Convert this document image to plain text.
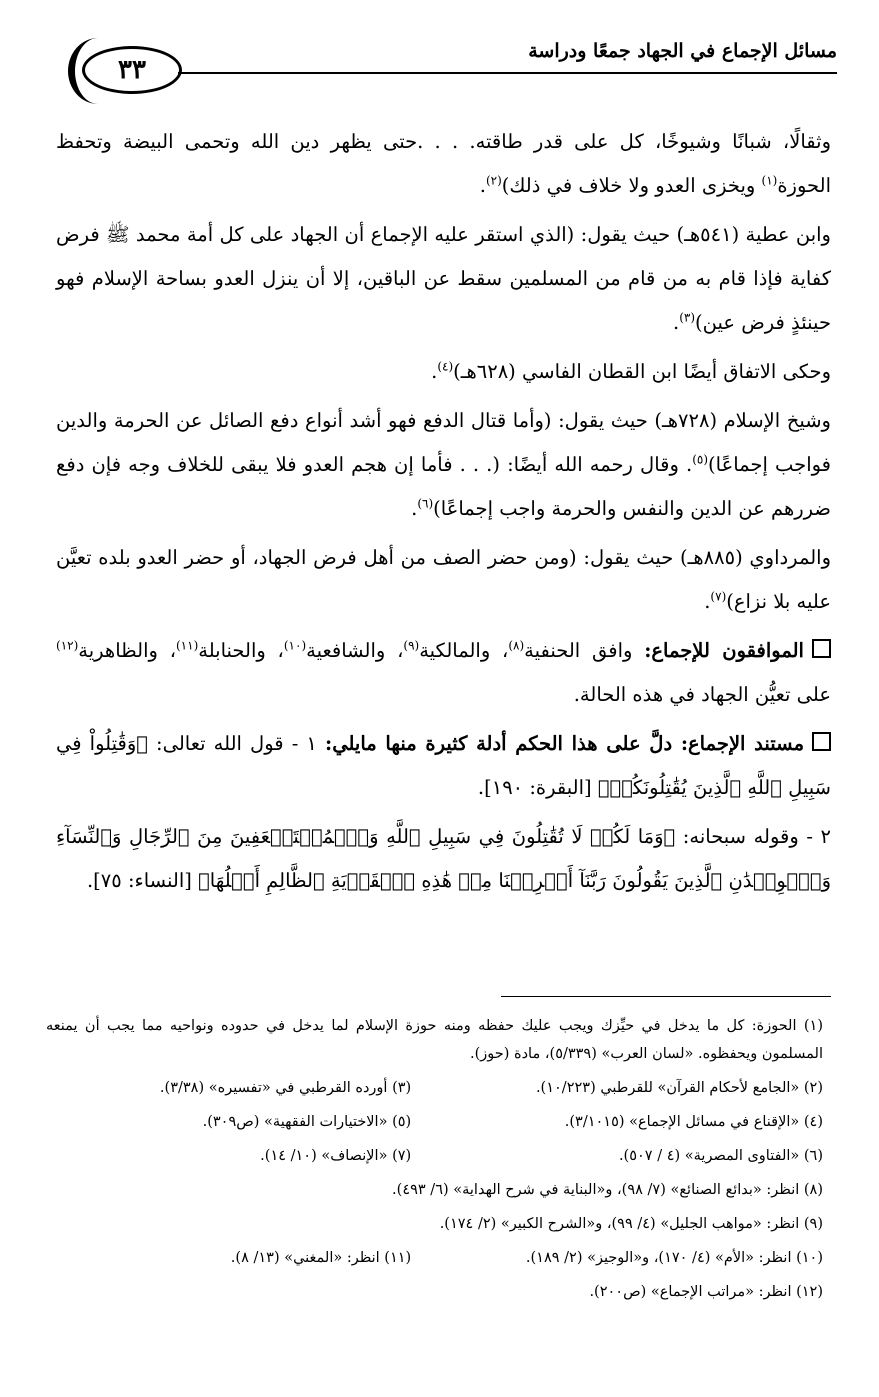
٣٣
مسائل الإجماع في الجهاد جمعًا ودراسة

وثقالًا، شبانًا وشيوخًا، كل على قدر طاقته. . . .حتى يظهر دين الله وتحمى البيضة وتحفظ الحوزة$^{(١)}$ ويخزى العدو ولا خلاف في ذلك)$^{(٢)}$.

وابن عطية (٥٤١هـ) حيث يقول: (الذي استقر عليه الإجماع أن الجهاد على كل أمة محمد ﷺ فرض كفاية فإذا قام به من قام من المسلمين سقط عن الباقين، إلا أن ينزل العدو بساحة الإسلام فهو حينئذٍ فرض عين)$^{(٣)}$.

وحكى الاتفاق أيضًا ابن القطان الفاسي (٦٢٨هـ)$^{(٤)}$.

وشيخ الإسلام (٧٢٨هـ) حيث يقول: (وأما قتال الدفع فهو أشد أنواع دفع الصائل عن الحرمة والدين فواجب إجماعًا)$^{(٥)}$. وقال رحمه الله أيضًا: (. . . فأما إن هجم العدو فلا يبقى للخلاف وجه فإن دفع ضررهم عن الدين والنفس والحرمة واجب إجماعًا)$^{(٦)}$.

والمرداوي (٨٨٥هـ) حيث يقول: (ومن حضر الصف من أهل فرض الجهاد، أو حضر العدو بلده تعيَّن عليه بلا نزاع)$^{(٧)}$.

الموافقون للإجماع: وافق الحنفية$^{(٨)}$، والمالكية$^{(٩)}$، والشافعية$^{(١٠)}$، والحنابلة$^{(١١)}$، والظاهرية$^{(١٢)}$ على تعيُّن الجهاد في هذه الحالة.

مستند الإجماع: دلَّ على هذا الحكم أدلة كثيرة منها مايلي: ١ - قول الله تعالى: ﴿وَقَٰتِلُواْ فِي سَبِيلِ ٱللَّهِ ٱلَّذِينَ يُقَٰتِلُونَكُمۡ﴾ [البقرة: ١٩٠].

٢ - وقوله سبحانه: ﴿وَمَا لَكُمۡ لَا تُقَٰتِلُونَ فِي سَبِيلِ ٱللَّهِ وَٱلۡمُسۡتَضۡعَفِينَ مِنَ ٱلرِّجَالِ وَٱلنِّسَآءِ وَٱلۡوِلۡدَٰنِ ٱلَّذِينَ يَقُولُونَ رَبَّنَآ أَخۡرِجۡنَا مِنۡ هَٰذِهِ ٱلۡقَرۡيَةِ ٱلظَّالِمِ أَهۡلُهَا﴾ [النساء: ٧٥].

(١) الحوزة: كل ما يدخل في حيِّزك ويجب عليك حفظه ومنه حوزة الإسلام لما يدخل في حدوده ونواحيه مما يجب أن يمنعه المسلمون ويحفظوه. «لسان العرب» (٥/٣٣٩)، مادة (حوز).

(٢) «الجامع لأحكام القرآن» للقرطبي (١٠/٢٢٣).
(٣) أورده القرطبي في «تفسيره» (٣/٣٨).
(٤) «الإقناع في مسائل الإجماع» (٣/١٠١٥).
(٥) «الاختيارات الفقهية» (ص٣٠٩).
(٦) «الفتاوى المصرية» (٤ / ٥٠٧).
(٧) «الإنصاف» (١٠/ ١٤).
(٨) انظر: «بدائع الصنائع» (٧/ ٩٨)، و«البناية في شرح الهداية» (٦/ ٤٩٣).
(٩) انظر: «مواهب الجليل» (٤/ ٩٩)، و«الشرح الكبير» (٢/ ١٧٤).
(١٠) انظر: «الأم» (٤/ ١٧٠)، و«الوجيز» (٢/ ١٨٩).
(١١) انظر: «المغني» (١٣/ ٨).
(١٢) انظر: «مراتب الإجماع» (ص٢٠٠).
